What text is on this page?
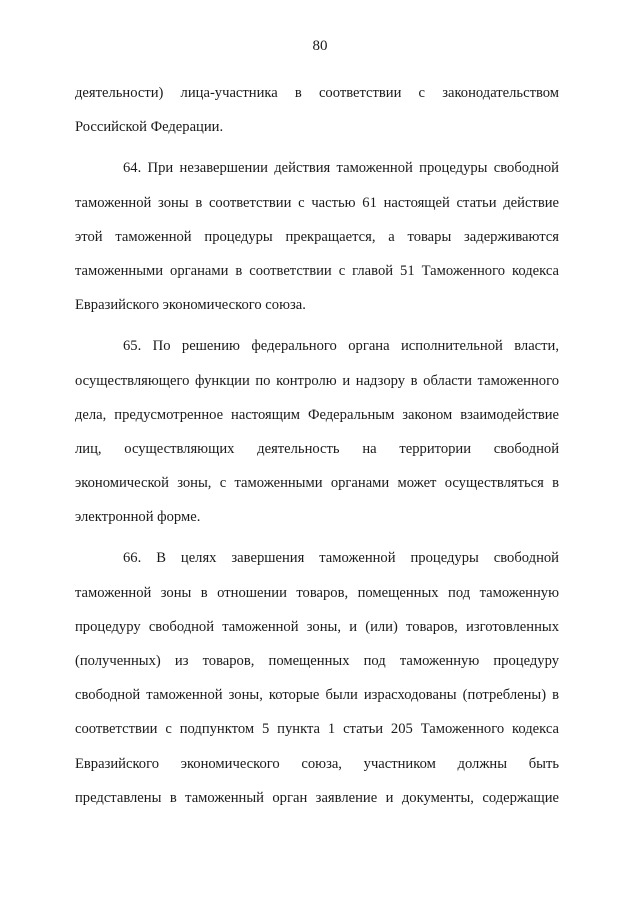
80
деятельности) лица-участника в соответствии с законодательством
Российской Федерации.
64. При незавершении действия таможенной процедуры свободной
таможенной зоны в соответствии с частью 61 настоящей статьи действие
этой таможенной процедуры прекращается, а товары задерживаются
таможенными органами в соответствии с главой 51 Таможенного кодекса
Евразийского экономического союза.
65. По решению федерального органа исполнительной власти,
осуществляющего функции по контролю и надзору в области таможенного
дела, предусмотренное настоящим Федеральным законом взаимодействие
лиц, осуществляющих деятельность на территории свободной
экономической зоны, с таможенными органами может осуществляться в
электронной форме.
66. В целях завершения таможенной процедуры свободной
таможенной зоны в отношении товаров, помещенных под таможенную
процедуру свободной таможенной зоны, и (или) товаров, изготовленных
(полученных) из товаров, помещенных под таможенную процедуру
свободной таможенной зоны, которые были израсходованы (потреблены) в
соответствии с подпунктом 5 пункта 1 статьи 205 Таможенного кодекса
Евразийского экономического союза, участником должны быть
представлены в таможенный орган заявление и документы, содержащие
